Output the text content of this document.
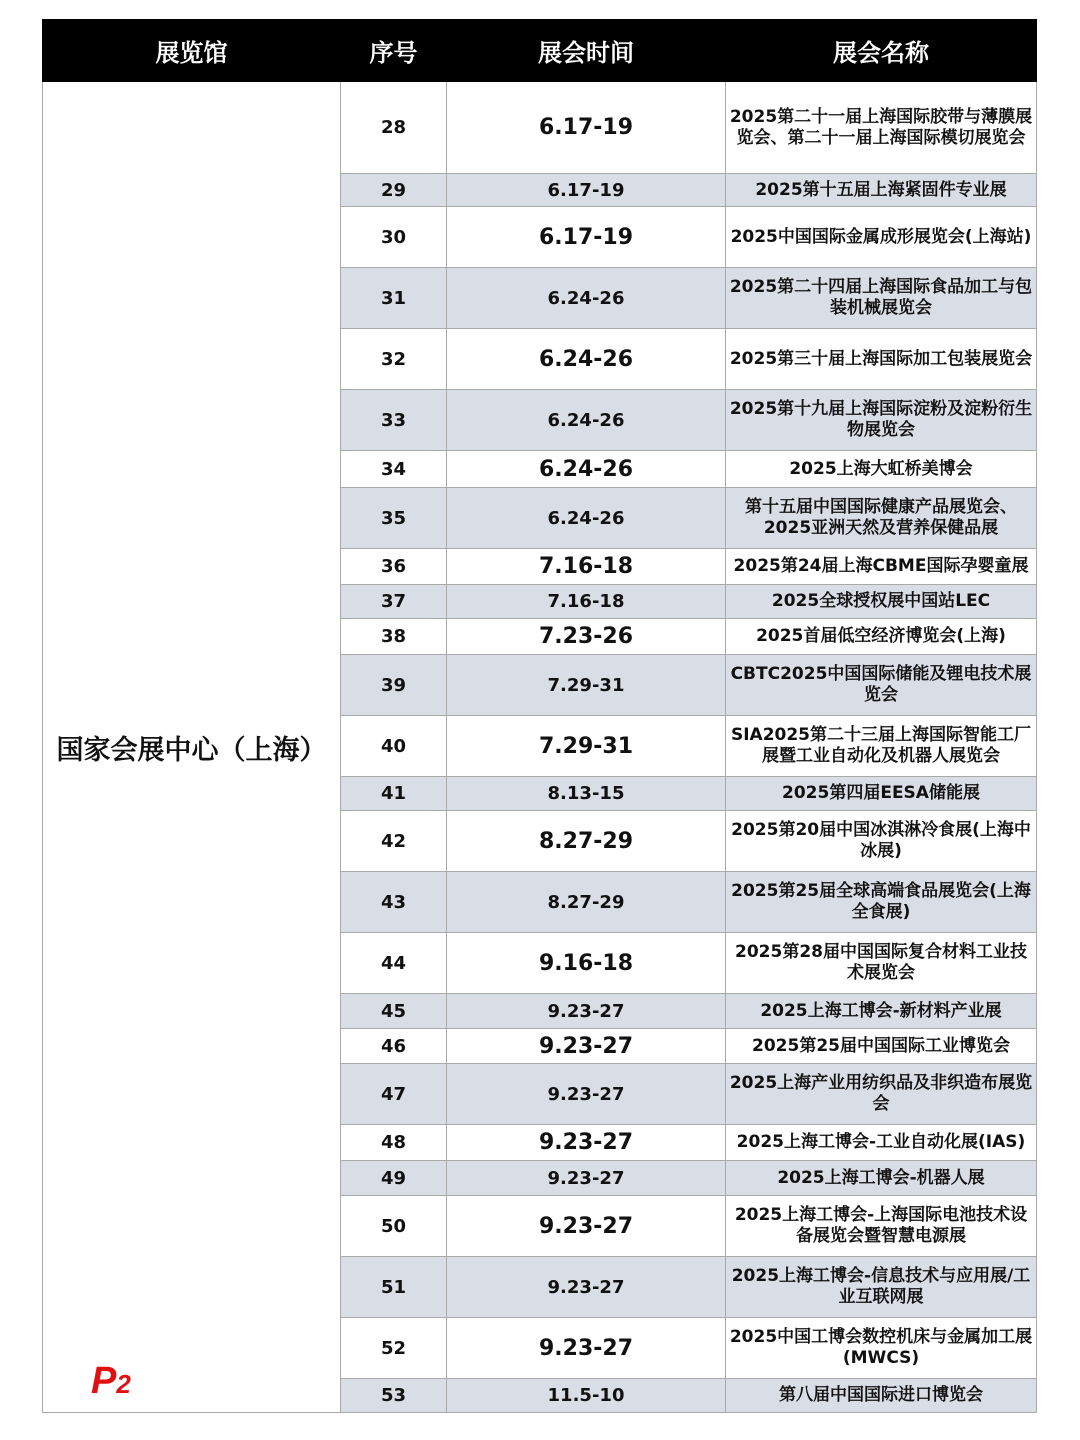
展览馆	序号	展会时间	展会名称
国家会展中心（上海）
P2	28	6.17-19	2025第二十一届上海国际胶带与薄膜展览会、第二十一届上海国际模切展览会
	29	6.17-19	2025第十五届上海紧固件专业展
	30	6.17-19	2025中国国际金属成形展览会(上海站)
	31	6.24-26	2025第二十四届上海国际食品加工与包装机械展览会
	32	6.24-26	2025第三十届上海国际加工包装展览会
	33	6.24-26	2025第十九届上海国际淀粉及淀粉衍生物展览会
	34	6.24-26	2025上海大虹桥美博会
	35	6.24-26	第十五届中国国际健康产品展览会、2025亚洲天然及营养保健品展
	36	7.16-18	2025第24届上海CBME国际孕婴童展
	37	7.16-18	2025全球授权展中国站LEC
	38	7.23-26	2025首届低空经济博览会(上海)
	39	7.29-31	CBTC2025中国国际储能及锂电技术展览会
	40	7.29-31	SIA2025第二十三届上海国际智能工厂展暨工业自动化及机器人展览会
	41	8.13-15	2025第四届EESA储能展
	42	8.27-29	2025第20届中国冰淇淋冷食展(上海中冰展)
	43	8.27-29	2025第25届全球高端食品展览会(上海全食展)
	44	9.16-18	2025第28届中国国际复合材料工业技术展览会
	45	9.23-27	2025上海工博会-新材料产业展
	46	9.23-27	2025第25届中国国际工业博览会
	47	9.23-27	2025上海产业用纺织品及非织造布展览会
	48	9.23-27	2025上海工博会-工业自动化展(IAS)
	49	9.23-27	2025上海工博会-机器人展
	50	9.23-27	2025上海工博会-上海国际电池技术设备展览会暨智慧电源展
	51	9.23-27	2025上海工博会-信息技术与应用展/工业互联网展
	52	9.23-27	2025中国工博会数控机床与金属加工展(MWCS)
	53	11.5-10	第八届中国国际进口博览会
